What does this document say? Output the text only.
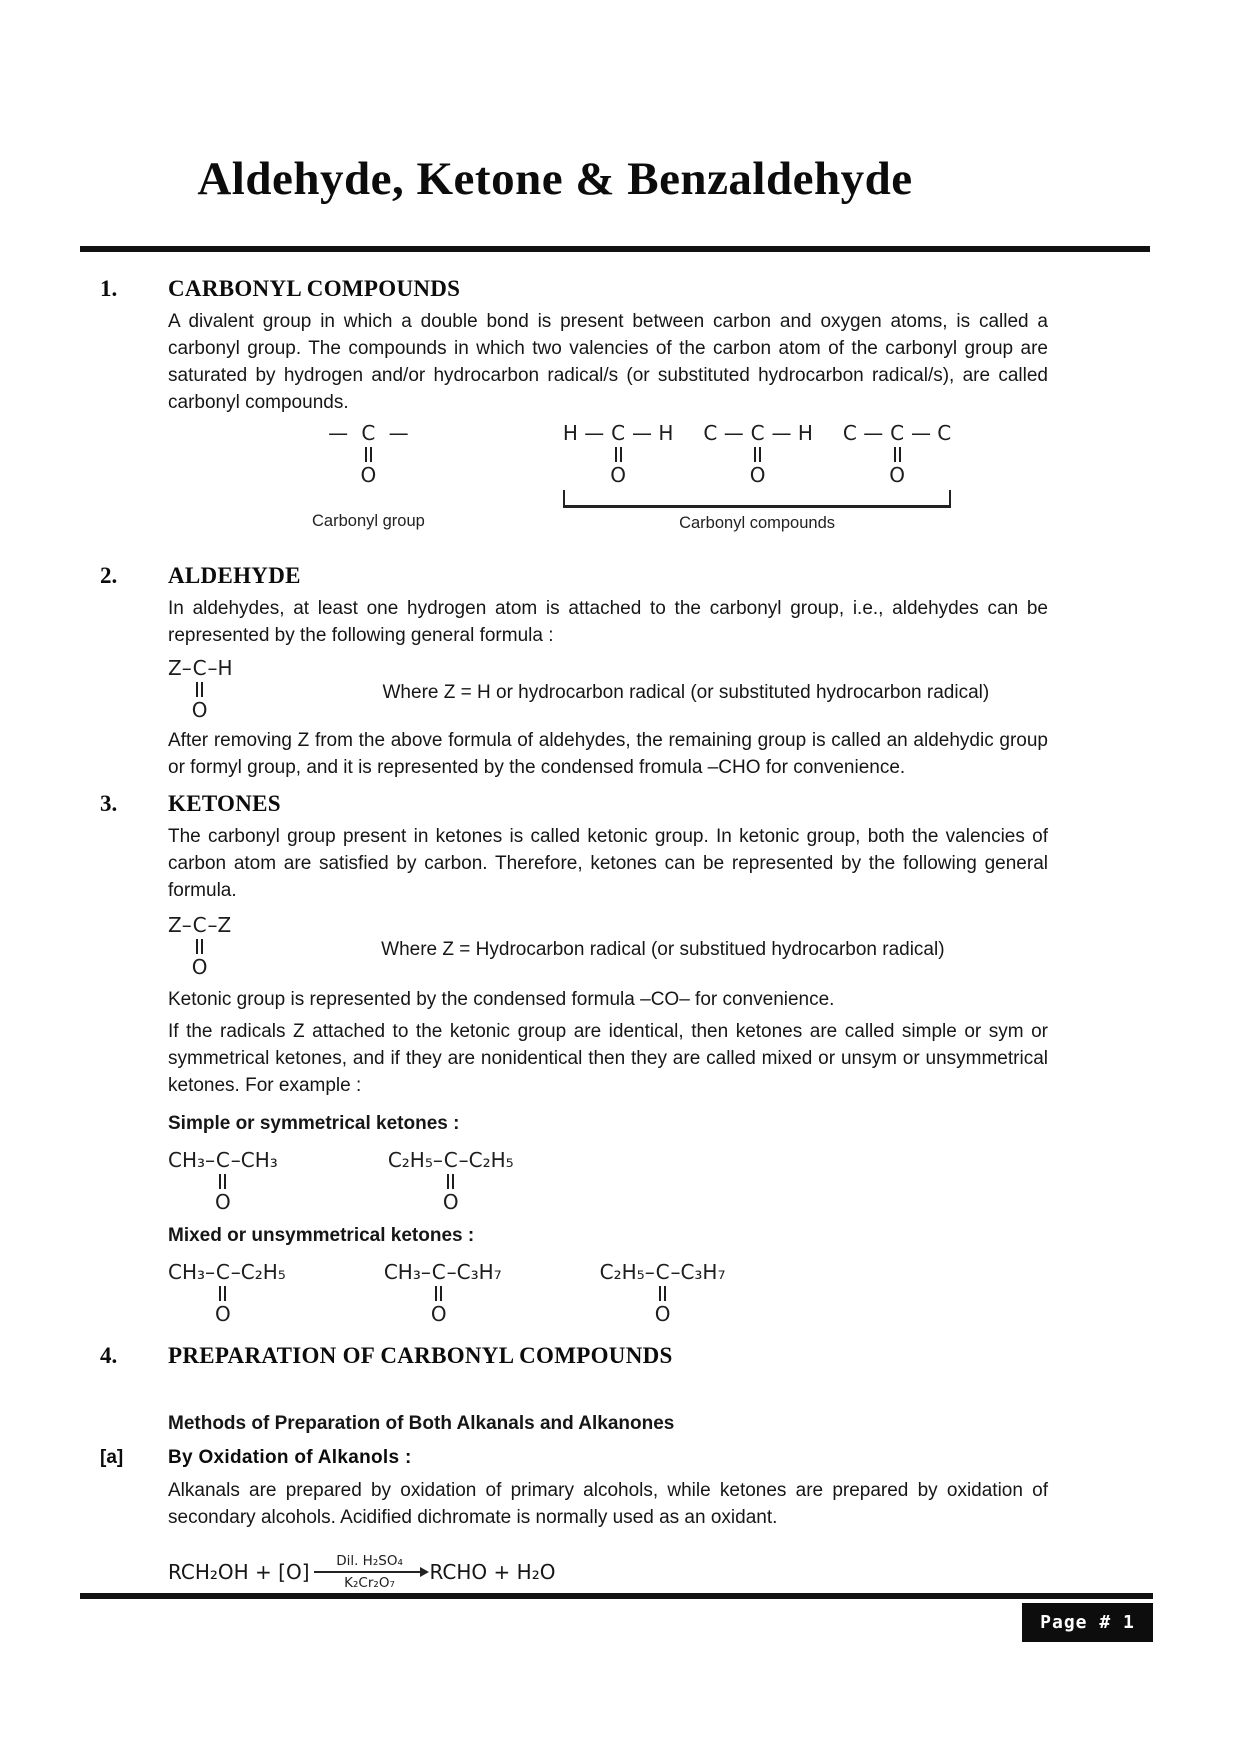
Aldehyde, Ketone & Benzaldehyde
1.	CARBONYL COMPOUNDS
A divalent group in which a double bond is present between carbon and oxygen atoms, is called a carbonyl group. The compounds in which two valencies of the carbon atom of the carbonyl group are saturated by hydrogen and/or hydrocarbon radical/s (or substituted hydrocarbon radical/s), are called carbonyl compounds.
— C —
O
Carbonyl group
H — C — H
O
C — C — H
O
C — C — C
O
Carbonyl compounds
2.	ALDEHYDE
In aldehydes, at least one hydrogen atom is attached to the carbonyl group, i.e., aldehydes can be represented by the following general formula :
Z– C –H
O
Where Z = H or hydrocarbon radical (or substituted hydrocarbon radical)
After removing Z from the above formula of aldehydes, the remaining group is called an aldehydic group or formyl group, and it is represented by the condensed fromula –CHO for convenience.
3.	KETONES
The carbonyl group present in ketones is called ketonic group. In ketonic group, both the valencies of carbon atom are satisfied by carbon. Therefore, ketones can be represented by the following general formula.
Z– C –Z
O
Where Z = Hydrocarbon radical (or substitued hydrocarbon radical)
Ketonic group is represented by the condensed formula –CO– for convenience.
If the radicals Z attached to the ketonic group are identical, then ketones are called simple or sym or symmetrical ketones, and if they are nonidentical then they are called mixed or unsym or unsymmetrical ketones. For example :
Simple or symmetrical ketones :
CH₃– C –CH₃
O
C₂H₅– C –C₂H₅
O
Mixed or unsymmetrical ketones :
CH₃– C –C₂H₅
O
CH₃– C –C₃H₇
O
C₂H₅– C –C₃H₇
O
4.	PREPARATION OF CARBONYL COMPOUNDS
Methods of Preparation of Both Alkanals and Alkanones
[a]	By Oxidation of Alkanols :
Alkanals are prepared by oxidation of primary alcohols, while ketones are prepared by oxidation of secondary alcohols. Acidified dichromate is normally used as an oxidant.
RCH₂OH + [O] Dil. H₂SO₄
K₂Cr₂O₇ RCHO + H₂O
Page # 1
